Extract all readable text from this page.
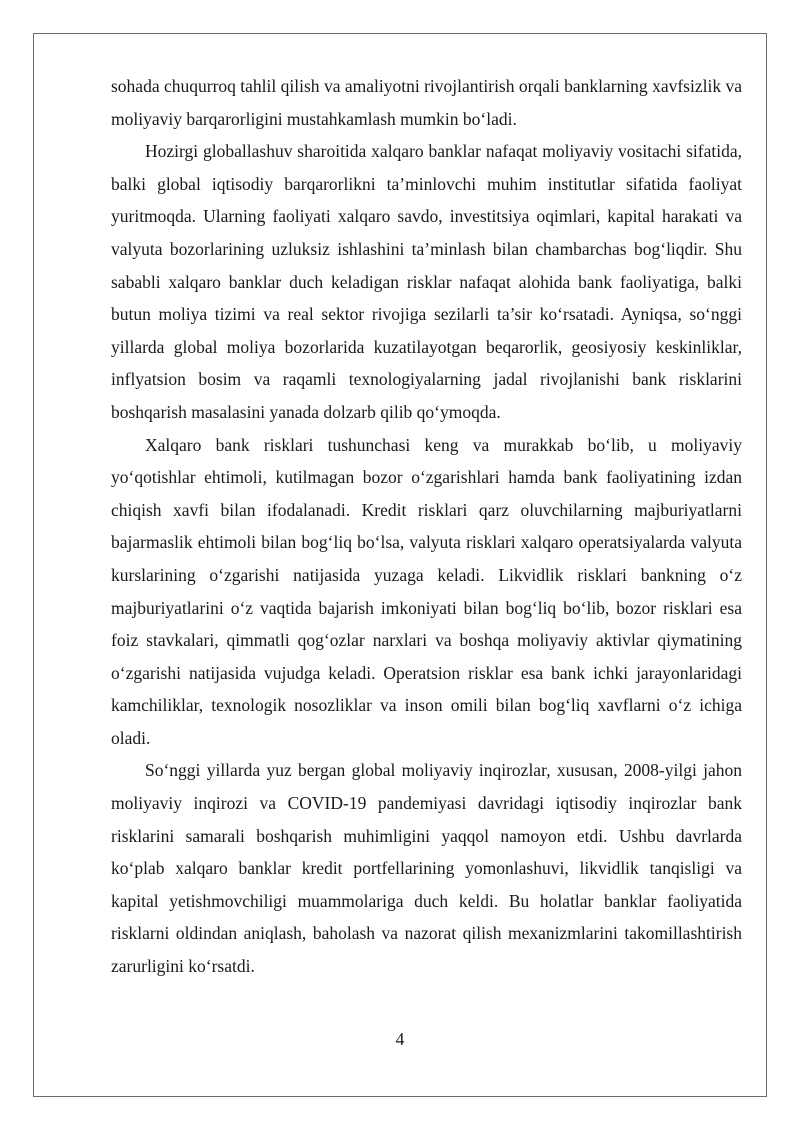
sohada chuqurroq tahlil qilish va amaliyotni rivojlantirish orqali banklarning xavfsizlik va moliyaviy barqarorligini mustahkamlash mumkin bo‘ladi.

Hozirgi globallashuv sharoitida xalqaro banklar nafaqat moliyaviy vositachi sifatida, balki global iqtisodiy barqarorlikni ta’minlovchi muhim institutlar sifatida faoliyat yuritmoqda. Ularning faoliyati xalqaro savdo, investitsiya oqimlari, kapital harakati va valyuta bozorlarining uzluksiz ishlashini ta’minlash bilan chambarchas bog‘liqdir. Shu sababli xalqaro banklar duch keladigan risklar nafaqat alohida bank faoliyatiga, balki butun moliya tizimi va real sektor rivojiga sezilarli ta’sir ko‘rsatadi. Ayniqsa, so‘nggi yillarda global moliya bozorlarida kuzatilayotgan beqarorlik, geosiyosiy keskinliklar, inflyatsion bosim va raqamli texnologiyalarning jadal rivojlanishi bank risklarini boshqarish masalasini yanada dolzarb qilib qo‘ymoqda.

Xalqaro bank risklari tushunchasi keng va murakkab bo‘lib, u moliyaviy yo‘qotishlar ehtimoli, kutilmagan bozor o‘zgarishlari hamda bank faoliyatining izdan chiqish xavfi bilan ifodalanadi. Kredit risklari qarz oluvchilarning majburiyatlarni bajarmaslik ehtimoli bilan bog‘liq bo‘lsa, valyuta risklari xalqaro operatsiyalarda valyuta kurslarining o‘zgarishi natijasida yuzaga keladi. Likvidlik risklari bankning o‘z majburiyatlarini o‘z vaqtida bajarish imkoniyati bilan bog‘liq bo‘lib, bozor risklari esa foiz stavkalari, qimmatli qog‘ozlar narxlari va boshqa moliyaviy aktivlar qiymatining o‘zgarishi natijasida vujudga keladi. Operatsion risklar esa bank ichki jarayonlaridagi kamchiliklar, texnologik nosozliklar va inson omili bilan bog‘liq xavflarni o‘z ichiga oladi.

So‘nggi yillarda yuz bergan global moliyaviy inqirozlar, xususan, 2008-yilgi jahon moliyaviy inqirozi va COVID-19 pandemiyasi davridagi iqtisodiy inqirozlar bank risklarini samarali boshqarish muhimligini yaqqol namoyon etdi. Ushbu davrlarda ko‘plab xalqaro banklar kredit portfellarining yomonlashuvi, likvidlik tanqisligi va kapital yetishmovchiligi muammolariga duch keldi. Bu holatlar banklar faoliyatida risklarni oldindan aniqlash, baholash va nazorat qilish mexanizmlarini takomillashtirish zarurligini ko‘rsatdi.

4
